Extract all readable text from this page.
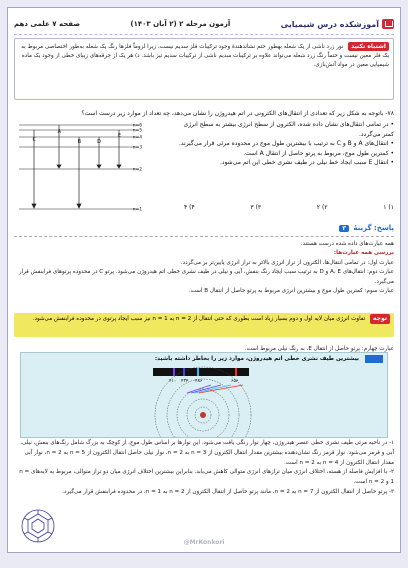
آموزشکده درس شیمیایی
آزمون مرحله ۲ (۲ آبان ۱۴۰۳)
صفحه ۷ علمی دهم
اشتباه نکنید نور زرد ناشی از یک شعله بهطور حتم نشاندهندهٔ وجود ترکیبات فلز سدیم نیست، زیرا لزوماً فلزها رنگ یک شعله به‌طور اختصاصی مربوط به یک فلز معین نیست و حتماً رنگ زرد شعله می‌تواند علاوه بر ترکیبات سدیم ناشی از ترکیبات سدیم تیز باشد. د) هر یک از جرقه‌های زیبای خطی از وجود یک ماده شیمیایی معین در مواد آتش‌بازی.
۷۸- باتوجه به شکل زیر که تعدادی از انتقال‌های الکترونی در اتم هیدروژن را نشان می‌دهد، چه تعداد از موارد زیر درست است؟
n=6
n=5
n=4
n=3
n=2
n=1
C
A
B	D
E
• در تمامی انتقال‌های نشان داده شده، الکترون از سطح انرژی بیشتر به سطح انرژی کمتر می‌گردد.
• انتقال‌های A و B و C به ترتیب با بیشترین طول موج در محدوده مرئی قرار می‌گیرند.
• کمترین طول موج، مربوط به پرتو حاصل از انتقال A است.
• انتقال E سبب ایجاد خط نیلی در طیف نشری خطی این اتم می‌شود.
۱) ۱
۲) ۲
۳) ۳
۴) ۴
پاسخ: گزینهٔ ۳

همه عبارت‌های داده شده درست هستند.

بررسی همه عبارت‌ها:

عبارت اول: در تمامی انتقال‌ها، الکترون از تراز انرژی بالاتر به تراز انرژی پایین‌تر بر می‌گردد.

عبارت دوم: انتقال‌های A، E و D به ترتیب سبب ایجاد رنگ بنفش، آبی و نیلی در طیف نشری خطی اتم هیدروژن می‌شود. پرتو C در محدوده پرتوهای فرابنفش قرار می‌گیرد.

عبارت سوم: کمترین طول موج و بیشترین انرژی مربوط به پرتو حاصل از انتقال B است.

توجه تفاوت انرژی میان لایه اول و دوم بسیار زیاد است بطوری که حتی انتقال از n = 2 به n = 1 نیز سبب ایجاد پرتوی در محدوده فرابنفش می‌شود.

عبارت چهارم: پرتو حاصل از انتقال E، به رنگ نیلی مربوط است.

بیشترین طیف نشری خطی اتم هیدروژن، موارد زیر را بخاطر داشته باشید:
۴۱۰ ۴۳۴ ۴۸۶	۶۵۶

۱- در ناحیه مرئی طیف نشری خطی عنصر هیدروژن، چهار نوار رنگی یافت می‌شود. این نوارها بر اساس طول موج، از کوچک به بزرگ شامل رنگ‌های بنفش، نیلی، آبی و قرمز می‌شود. نوار قرمز رنگ نشان‌دهنده بیشترین مقدار انتقال الکترون از n = 3 به n = 2، نوار نیلی حاصل انتقال الکترون از n = 5 به n = 2، نوار آبی مقدار انتقال الکترون از n = 4 به n = 2 است.

۲- با افزایش فاصله از هسته، اختلاف انرژی میان ترازهای انرژی متوالی کاهش می‌یابد. بنابراین بیشترین اختلاف انرژی میان دو تراز متوالی، مربوط به لایه‌های n = 1 و n = 2 است.

۳- پرتو حاصل از انتقال الکترون از n = 7 به n = 2، مانند پرتو حاصل از انتقال الکترون از n = 2 به n = 1، در محدوده فرابنفش قرار می‌گیرد.

@MrKonkori
